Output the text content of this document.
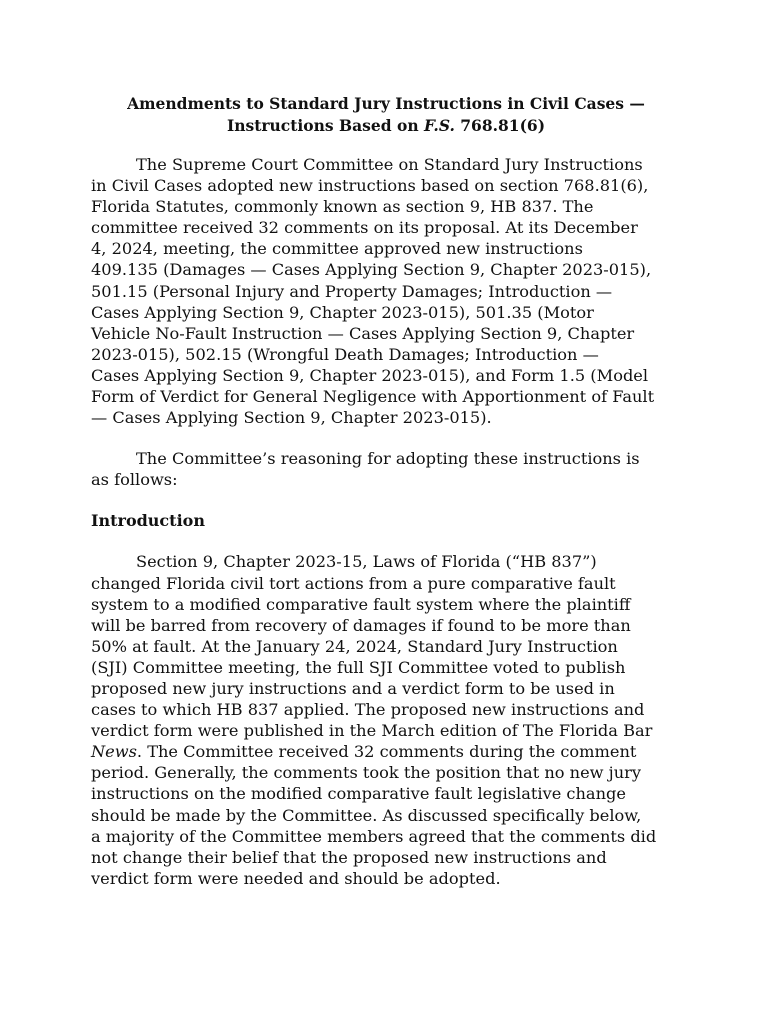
Amendments to Standard Jury Instructions in Civil Cases —
Instructions Based on F.S. 768.81(6)
The Supreme Court Committee on Standard Jury Instructions
in Civil Cases adopted new instructions based on section 768.81(6),
Florida Statutes, commonly known as section 9, HB 837. The
committee received 32 comments on its proposal. At its December
4, 2024, meeting, the committee approved new instructions
409.135 (Damages — Cases Applying Section 9, Chapter 2023-015),
501.15 (Personal Injury and Property Damages; Introduction —
Cases Applying Section 9, Chapter 2023-015), 501.35 (Motor
Vehicle No-Fault Instruction — Cases Applying Section 9, Chapter
2023-015), 502.15 (Wrongful Death Damages; Introduction —
Cases Applying Section 9, Chapter 2023-015), and Form 1.5 (Model
Form of Verdict for General Negligence with Apportionment of Fault
— Cases Applying Section 9, Chapter 2023-015).
The Committee’s reasoning for adopting these instructions is
as follows:
Introduction
Section 9, Chapter 2023-15, Laws of Florida (“HB 837”)
changed Florida civil tort actions from a pure comparative fault
system to a modified comparative fault system where the plaintiff
will be barred from recovery of damages if found to be more than
50% at fault. At the January 24, 2024, Standard Jury Instruction
(SJI) Committee meeting, the full SJI Committee voted to publish
proposed new jury instructions and a verdict form to be used in
cases to which HB 837 applied. The proposed new instructions and
verdict form were published in the March edition of The Florida Bar
News. The Committee received 32 comments during the comment
period. Generally, the comments took the position that no new jury
instructions on the modified comparative fault legislative change
should be made by the Committee. As discussed specifically below,
a majority of the Committee members agreed that the comments did
not change their belief that the proposed new instructions and
verdict form were needed and should be adopted.
